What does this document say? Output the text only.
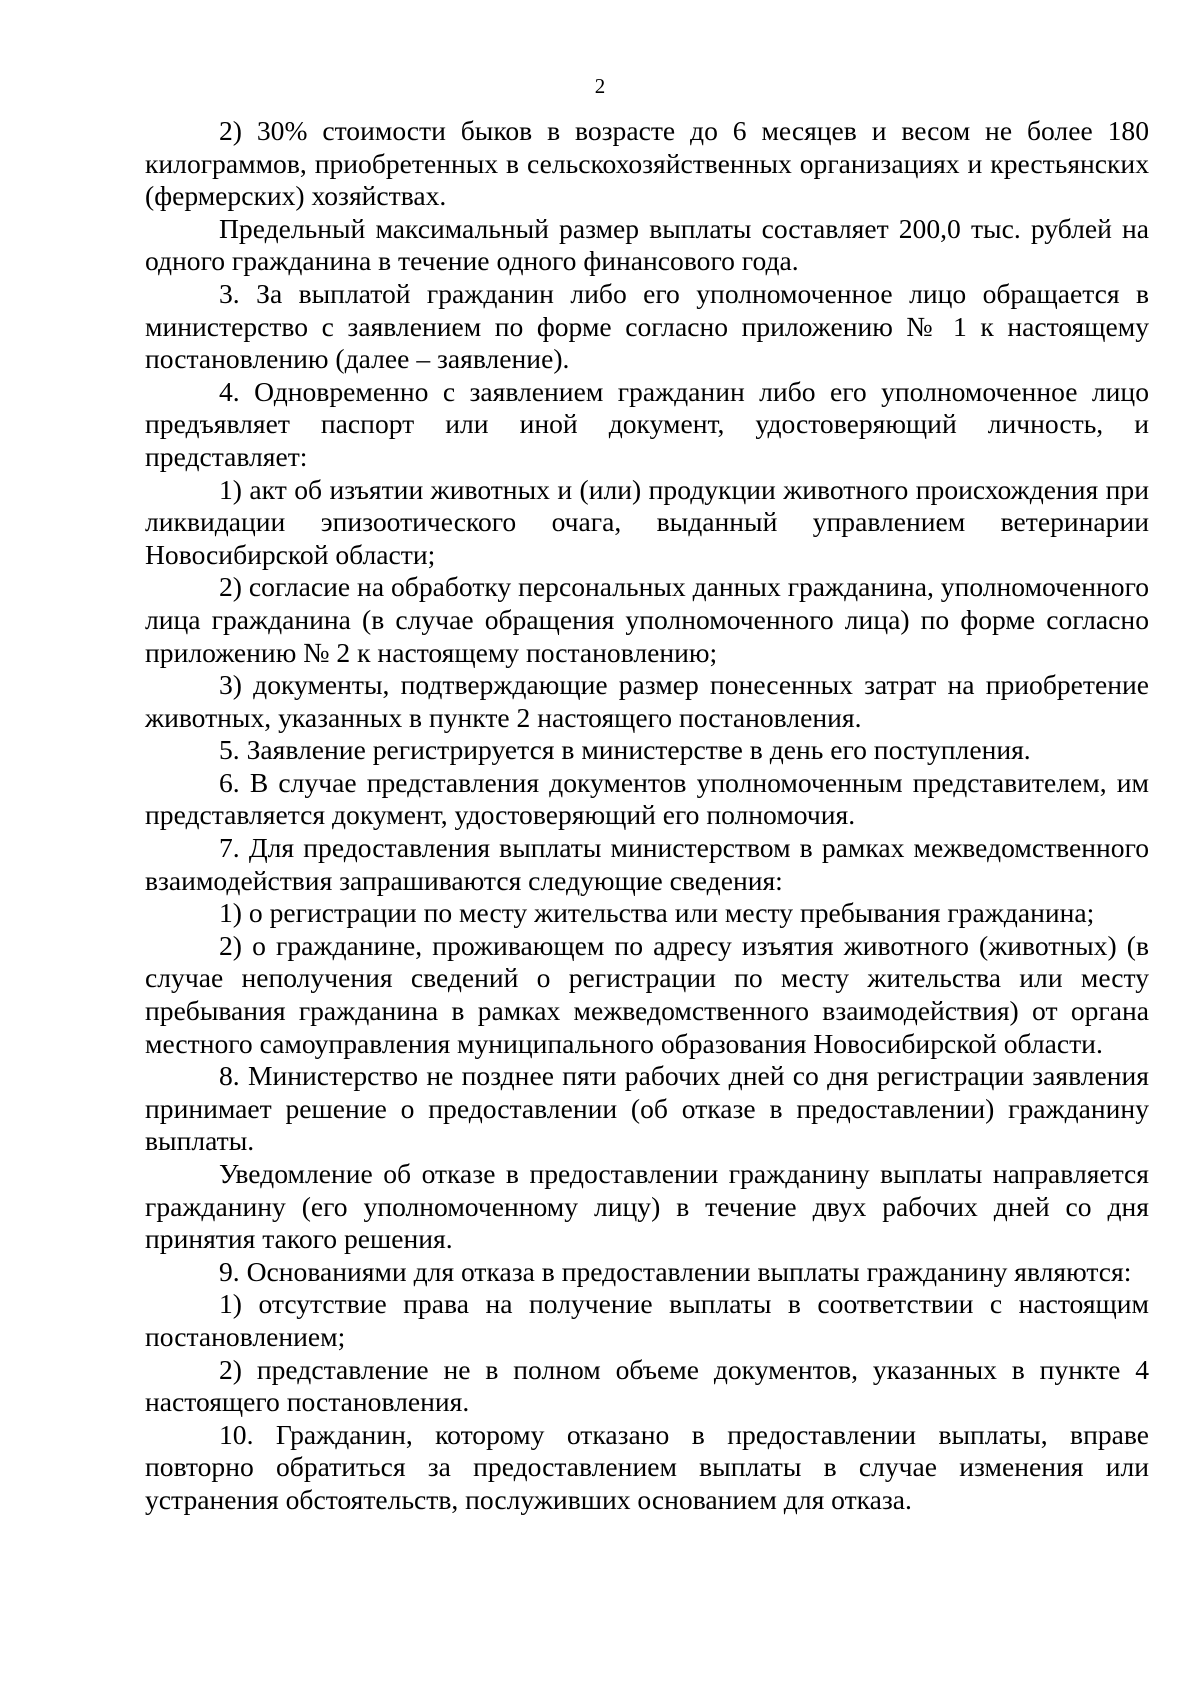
2

2) 30% стоимости быков в возрасте до 6 месяцев и весом не более 180 килограммов, приобретенных в сельскохозяйственных организациях и крестьянских (фермерских) хозяйствах.

Предельный максимальный размер выплаты составляет 200,0 тыс. рублей на одного гражданина в течение одного финансового года.

3. За выплатой гражданин либо его уполномоченное лицо обращается в министерство с заявлением по форме согласно приложению № 1 к настоящему постановлению (далее – заявление).

4. Одновременно с заявлением гражданин либо его уполномоченное лицо предъявляет паспорт или иной документ, удостоверяющий личность, и представляет:

1) акт об изъятии животных и (или) продукции животного происхождения при ликвидации эпизоотического очага, выданный управлением ветеринарии Новосибирской области;

2) согласие на обработку персональных данных гражданина, уполномоченного лица гражданина (в случае обращения уполномоченного лица) по форме согласно приложению № 2 к настоящему постановлению;

3) документы, подтверждающие размер понесенных затрат на приобретение животных, указанных в пункте 2 настоящего постановления.

5. Заявление регистрируется в министерстве в день его поступления.

6. В случае представления документов уполномоченным представителем, им представляется документ, удостоверяющий его полномочия.

7. Для предоставления выплаты министерством в рамках межведомственного взаимодействия запрашиваются следующие сведения:

1) о регистрации по месту жительства или месту пребывания гражданина;

2) о гражданине, проживающем по адресу изъятия животного (животных) (в случае неполучения сведений о регистрации по месту жительства или месту пребывания гражданина в рамках межведомственного взаимодействия) от органа местного самоуправления муниципального образования Новосибирской области.

8. Министерство не позднее пяти рабочих дней со дня регистрации заявления принимает решение о предоставлении (об отказе в предоставлении) гражданину выплаты.

Уведомление об отказе в предоставлении гражданину выплаты направляется гражданину (его уполномоченному лицу) в течение двух рабочих дней со дня принятия такого решения.

9. Основаниями для отказа в предоставлении выплаты гражданину являются:

1) отсутствие права на получение выплаты в соответствии с настоящим постановлением;

2) представление не в полном объеме документов, указанных в пункте 4 настоящего постановления.

10. Гражданин, которому отказано в предоставлении выплаты, вправе повторно обратиться за предоставлением выплаты в случае изменения или устранения обстоятельств, послуживших основанием для отказа.
